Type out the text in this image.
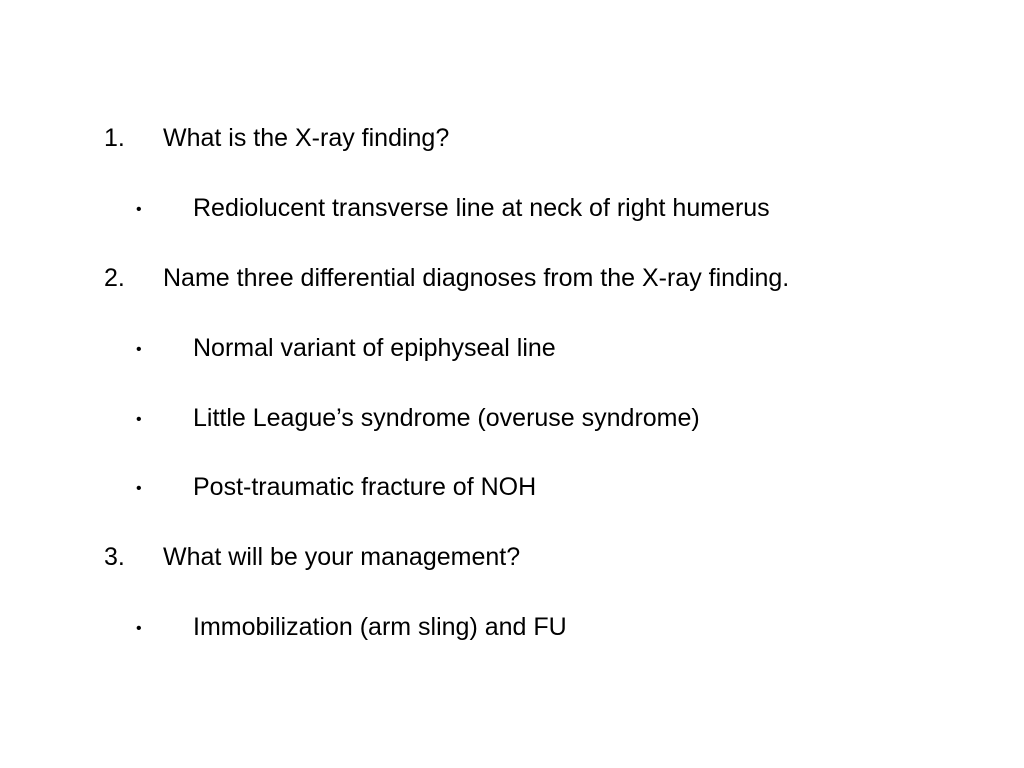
1. What is the X-ray finding?
• Rediolucent transverse line at neck of right humerus
2. Name three differential diagnoses from the X-ray finding.
• Normal variant of epiphyseal line
• Little League’s syndrome (overuse syndrome)
• Post-traumatic fracture of NOH
3. What will be your management?
• Immobilization (arm sling) and FU
